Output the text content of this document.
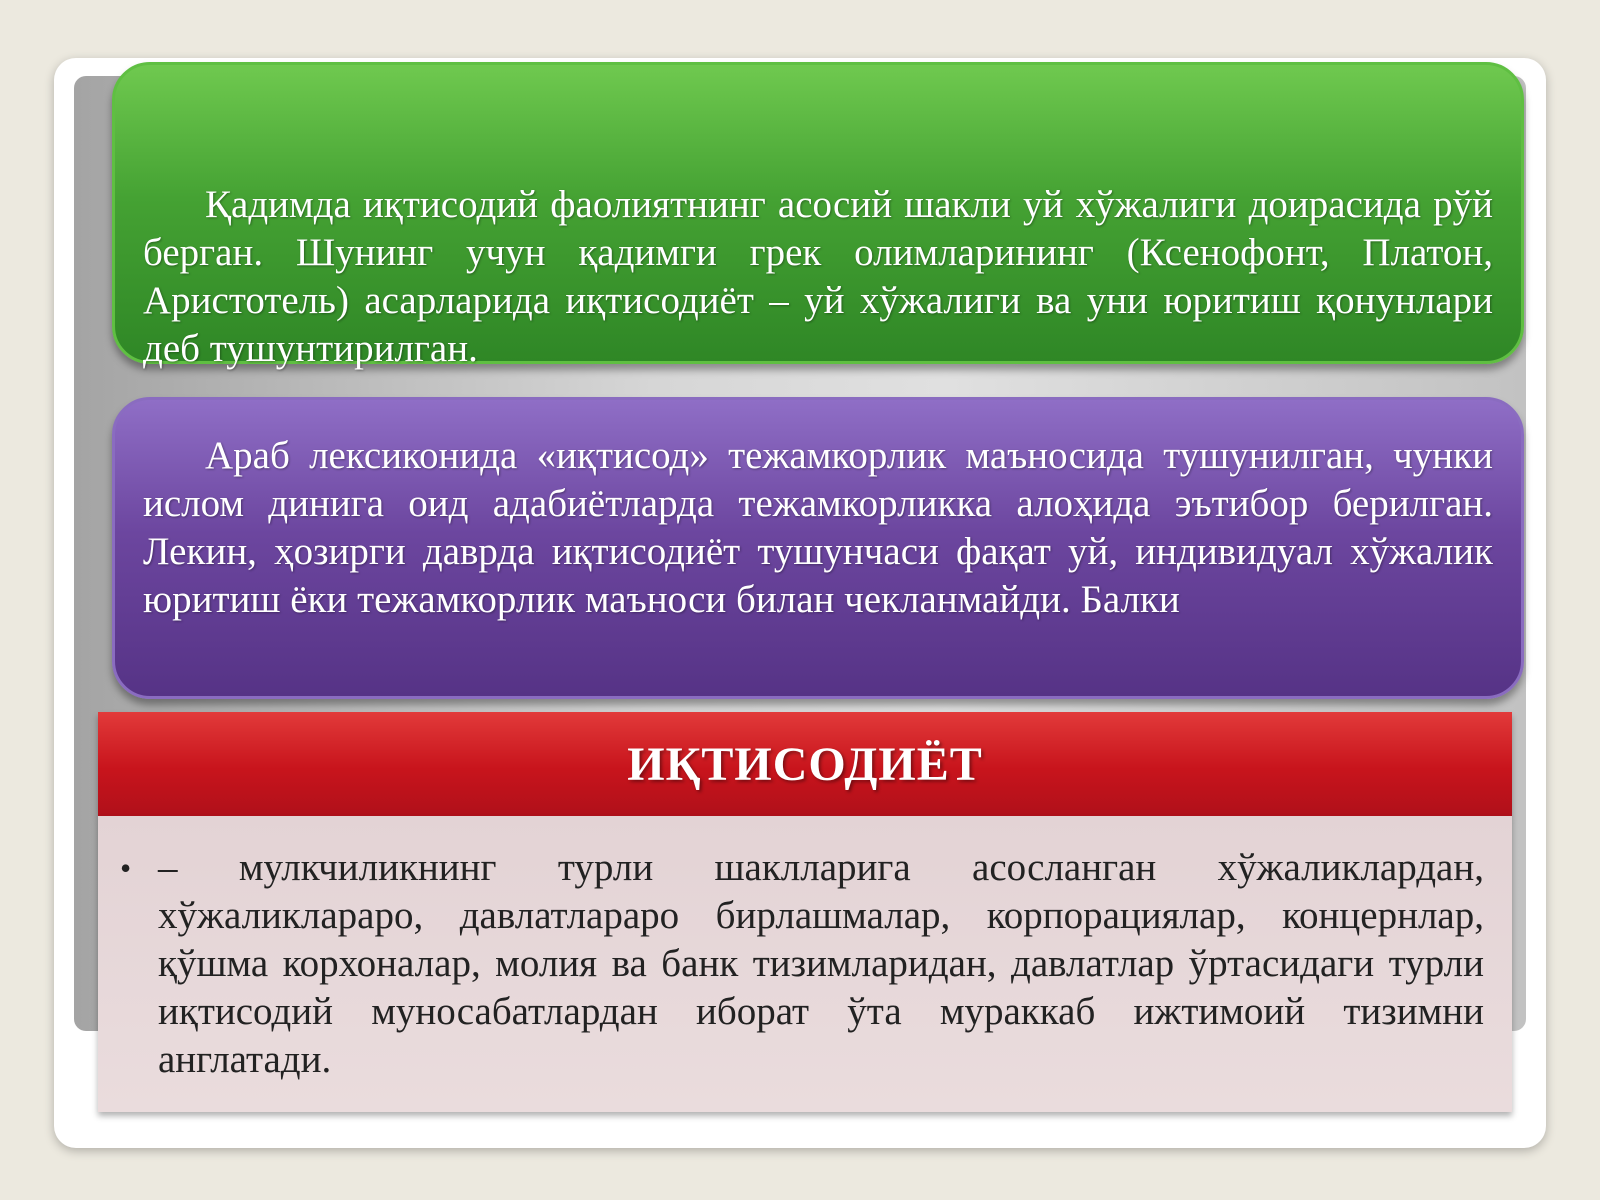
Қадимда иқтисодий фаолиятнинг асосий шакли уй хўжалиги доирасида рўй берган. Шунинг учун қадимги грек олимларининг (Ксенофонт, Платон, Аристотель) асарларида иқтисодиёт – уй хўжалиги ва уни юритиш қонунлари деб тушунтирилган.

Араб лексиконида «иқтисод» тежамкорлик маъносида тушунилган, чунки ислом динига оид адабиётларда тежамкорликка алоҳида эътибор берилган. Лекин, ҳозирги даврда иқтисодиёт тушунчаси фақат уй, индивидуал хўжалик юритиш ёки тежамкорлик маъноси билан чекланмайди. Балки

ИҚТИСОДИЁТ
• – мулкчиликнинг турли шаклларига асосланган хўжаликлардан, хўжаликлараро, давлатлараро бирлашмалар, корпорациялар, концернлар, қўшма корхоналар, молия ва банк тизимларидан, давлатлар ўртасидаги турли иқтисодий муносабатлардан иборат ўта мураккаб ижтимоий тизимни англатади.
